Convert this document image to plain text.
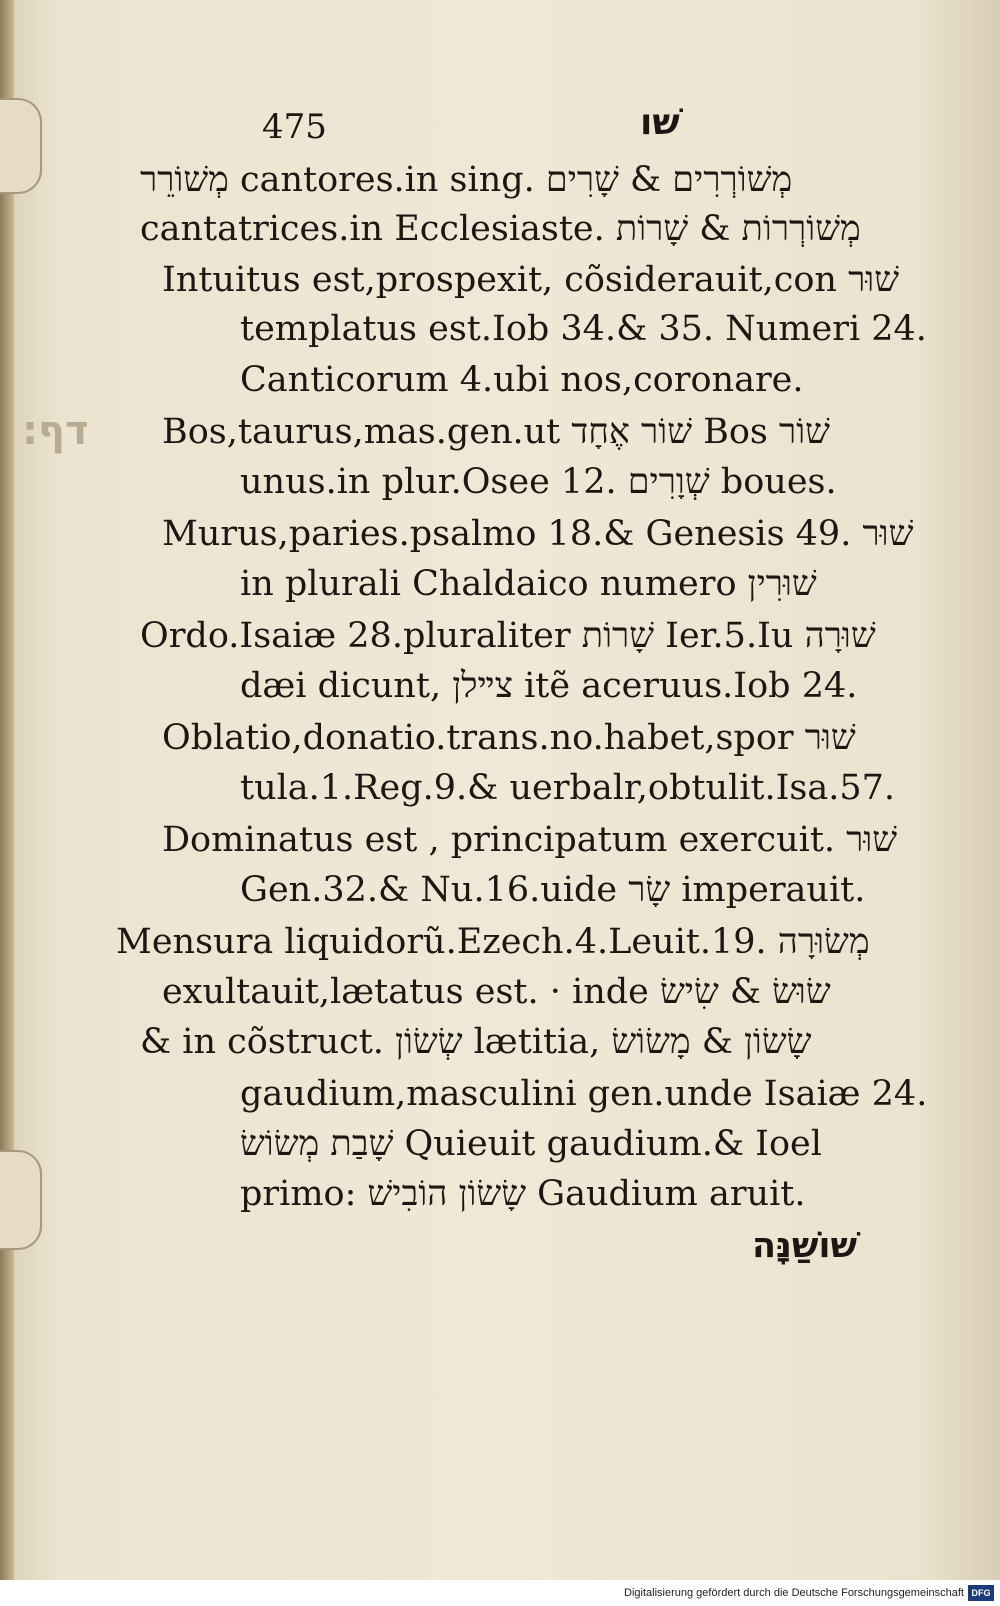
דף:
475	שׁו
מְשׁוֹרֵר cantores.in sing. מְשׁוֹרְרִים & שָׁרִים
cantatrices.in Ecclesiaste. מְשׁוֹרְרוֹת & שָׁרוֹת
Intuitus est,prospexit, cõsiderauit,con שׁוּר
templatus est.Iob 34.& 35. Numeri 24.
Canticorum 4.ubi nos,coronare.
Bos,taurus,mas.gen.ut שׁוֹר אֶחָד Bos שׁוֹר
unus.in plur.Osee 12. שְׁוָרִים boues.
Murus,paries.psalmo 18.& Genesis 49. שׁוּר
in plurali Chaldaico numero שׁוּרִין
Ordo.Isaiæ 28.pluraliter שָׁרוֹת Ier.5.Iu שׁוּרָה
dæi dicunt, צײלן itẽ aceruus.Iob 24.
Oblatio,donatio.trans.no.habet,spor שׁוּר
tula.1.Reg.9.& uerbalr,obtulit.Isa.57.
Dominatus est , principatum exercuit. שׁוּר
Gen.32.& Nu.16.uide שָׂר imperauit.
Mensura liquidorũ.Ezech.4.Leuit.19. מְשׂוּרָה
exultauit,lætatus est. · inde שׂוּשׂ & שִׂישׂ
& in cõstruct. שְׂשׂוֹן lætitia, שָׂשׂוֹן & מָשׂוֹשׂ
gaudium,masculini gen.unde Isaiæ 24.
שָׁבַת מְשׂוֹשׂ Quieuit gaudium.& Ioel
primo: שָׂשׂוֹן הוֹבִישׁ Gaudium aruit.
שׁוֹשַׁנָּה
Digitalisierung gefördert durch die Deutsche Forschungsgemeinschaft DFG
